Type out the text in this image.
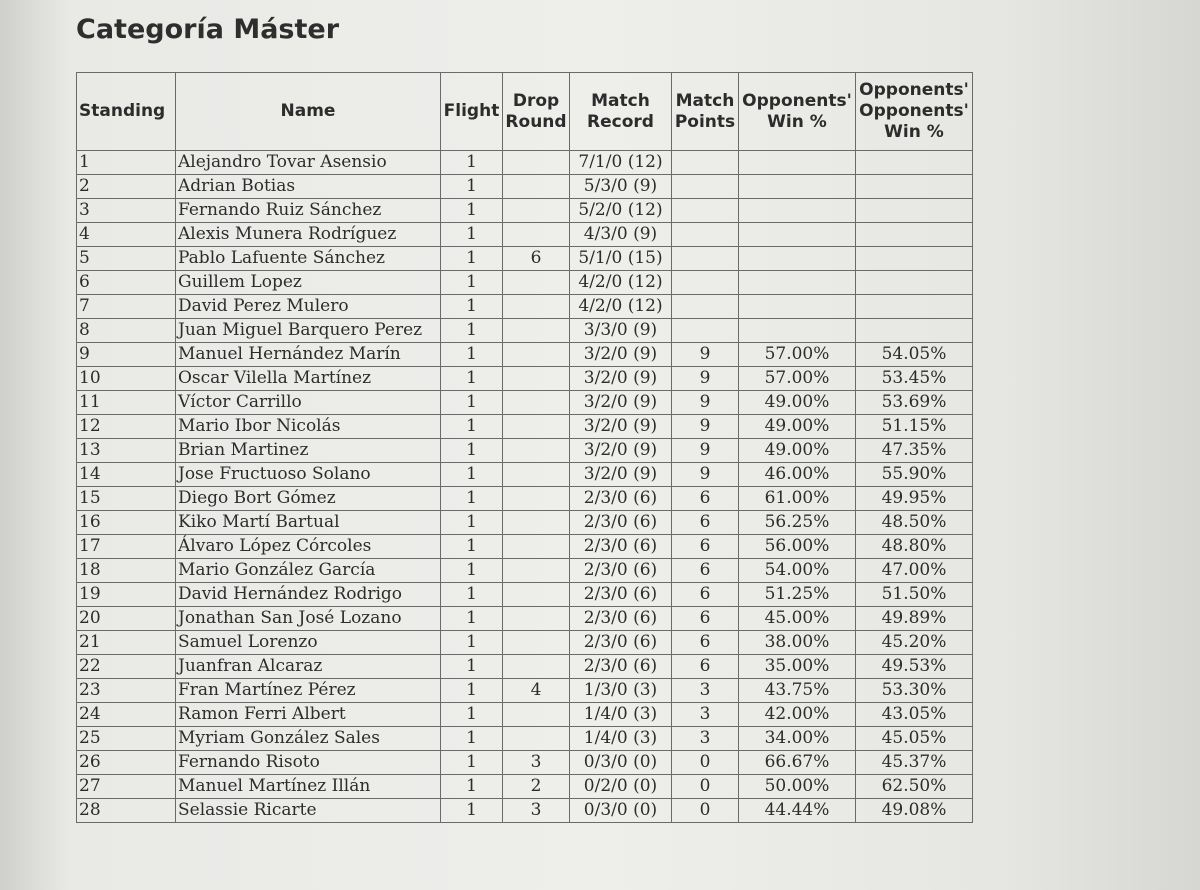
Categoría Máster
Standing	Name	Flight	Drop Round	Match Record	Match Points	Opponents' Win %	Opponents' Opponents' Win %
1	Alejandro Tovar Asensio	1		7/1/0 (12)			
2	Adrian Botias	1		5/3/0 (9)			
3	Fernando Ruiz Sánchez	1		5/2/0 (12)			
4	Alexis Munera Rodríguez	1		4/3/0 (9)			
5	Pablo Lafuente Sánchez	1	6	5/1/0 (15)			
6	Guillem Lopez	1		4/2/0 (12)			
7	David Perez Mulero	1		4/2/0 (12)			
8	Juan Miguel Barquero Perez	1		3/3/0 (9)			
9	Manuel Hernández Marín	1		3/2/0 (9)	9	57.00%	54.05%
10	Oscar Vilella Martínez	1		3/2/0 (9)	9	57.00%	53.45%
11	Víctor Carrillo	1		3/2/0 (9)	9	49.00%	53.69%
12	Mario Ibor Nicolás	1		3/2/0 (9)	9	49.00%	51.15%
13	Brian Martinez	1		3/2/0 (9)	9	49.00%	47.35%
14	Jose Fructuoso Solano	1		3/2/0 (9)	9	46.00%	55.90%
15	Diego Bort Gómez	1		2/3/0 (6)	6	61.00%	49.95%
16	Kiko Martí Bartual	1		2/3/0 (6)	6	56.25%	48.50%
17	Álvaro López Córcoles	1		2/3/0 (6)	6	56.00%	48.80%
18	Mario González García	1		2/3/0 (6)	6	54.00%	47.00%
19	David Hernández Rodrigo	1		2/3/0 (6)	6	51.25%	51.50%
20	Jonathan San José Lozano	1		2/3/0 (6)	6	45.00%	49.89%
21	Samuel Lorenzo	1		2/3/0 (6)	6	38.00%	45.20%
22	Juanfran Alcaraz	1		2/3/0 (6)	6	35.00%	49.53%
23	Fran Martínez Pérez	1	4	1/3/0 (3)	3	43.75%	53.30%
24	Ramon Ferri Albert	1		1/4/0 (3)	3	42.00%	43.05%
25	Myriam González Sales	1		1/4/0 (3)	3	34.00%	45.05%
26	Fernando Risoto	1	3	0/3/0 (0)	0	66.67%	45.37%
27	Manuel Martínez Illán	1	2	0/2/0 (0)	0	50.00%	62.50%
28	Selassie Ricarte	1	3	0/3/0 (0)	0	44.44%	49.08%
